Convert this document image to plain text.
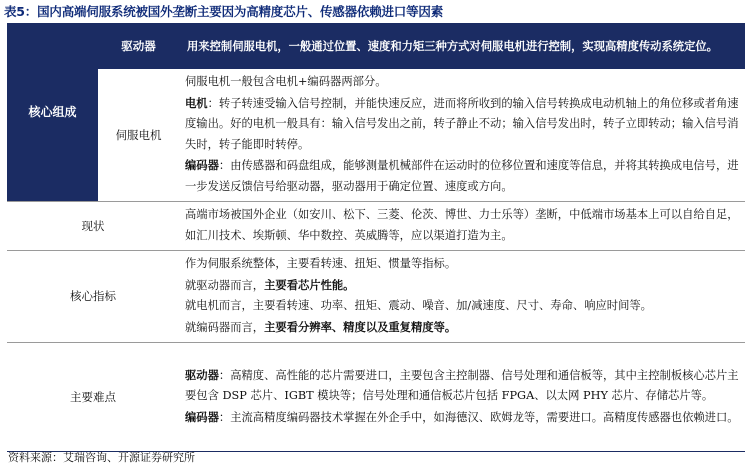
表5：国内高端伺服系统被国外垄断主要因为高精度芯片、传感器依赖进口等因素
核心组成	驱动器	用来控制伺服电机，一般通过位置、速度和力矩三种方式对伺服电机进行控制，实现高精度传动系统定位。
	伺服电机	伺服电机一般包含电机+编码器两部分。
电机：转子转速受输入信号控制，并能快速反应，进而将所收到的输入信号转换成电动机轴上的角位移或者角速度输出。好的电机一般具有：输入信号发出之前，转子静止不动；输入信号发出时，转子立即转动；输入信号消失时，转子能即时转停。
编码器：由传感器和码盘组成，能够测量机械部件在运动时的位移位置和速度等信息，并将其转换成电信号，进一步发送反馈信号给驱动器，驱动器用于确定位置、速度或方向。

现状		高端市场被国外企业（如安川、松下、三菱、伦茨、博世、力士乐等）垄断，中低端市场基本上可以自给自足，如汇川技术、埃斯顿、华中数控、英威腾等，应以渠道打造为主。
核心指标		作为伺服系统整体，主要看转速、扭矩、惯量等指标。
就驱动器而言，主要看芯片性能。
就电机而言，主要看转速、功率、扭矩、震动、噪音、加/减速度、尺寸、寿命、响应时间等。
就编码器而言，主要看分辨率、精度以及重复精度等。

主要难点		驱动器：高精度、高性能的芯片需要进口，主要包含主控制器、信号处理和通信板等，其中主控制板核心芯片主要包含 DSP 芯片、IGBT 模块等；信号处理和通信板芯片包括 FPGA、以太网 PHY 芯片、存储芯片等。
编码器：主流高精度编码器技术掌握在外企手中，如海德汉、欧姆龙等，需要进口。高精度传感器也依赖进口。
资料来源：艾瑞咨询、开源证券研究所
